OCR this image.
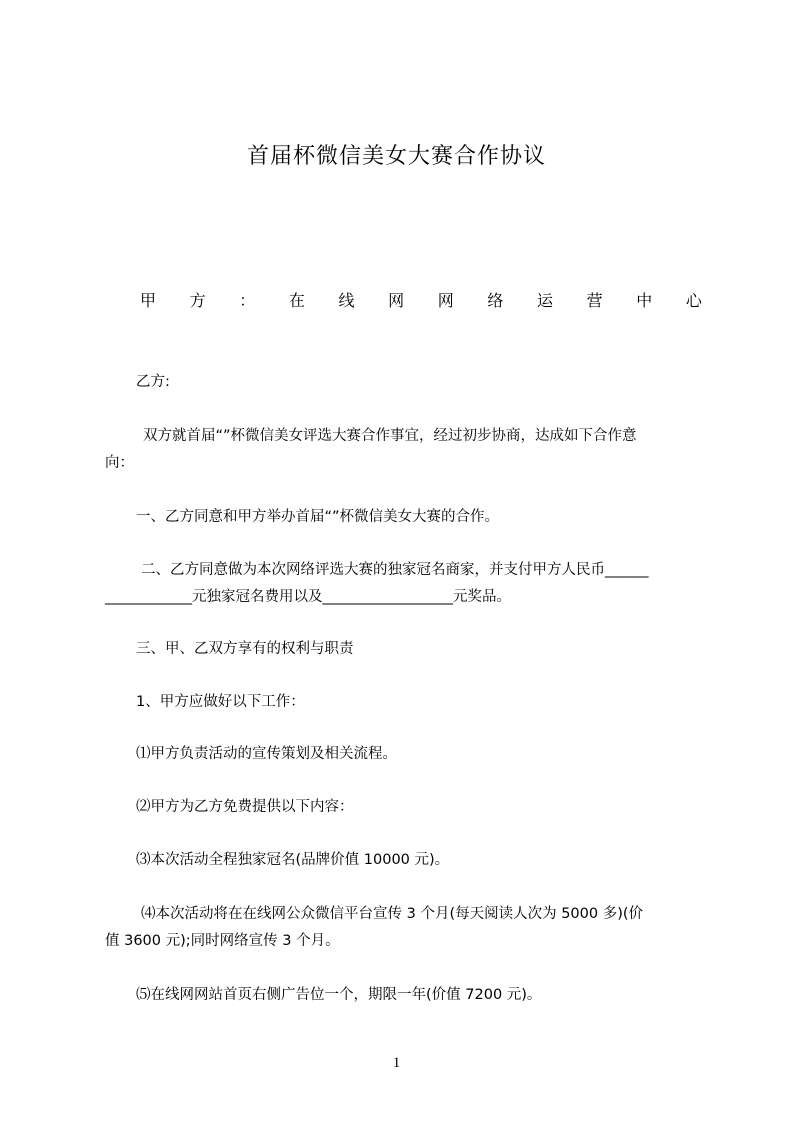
首届杯微信美女大赛合作协议
甲 方 ： 在 线 网 网 络 运 营 中 心
乙方:
双方就首届“”杯微信美女评选大赛合作事宜，经过初步协商，达成如下合作意
一、乙方同意和甲方举办首届“”杯微信美女大赛的合作。
二、乙方同意做为本次网络评选大赛的独家冠名商家，并支付甲方人民币______
____________元独家冠名费用以及__________________元奖品。
三、甲、乙双方享有的权利与职责
1、甲方应做好以下工作：
⑴甲方负责活动的宣传策划及相关流程。
⑵甲方为乙方免费提供以下内容：
⑶本次活动全程独家冠名(品牌价值 10000 元)。
⑷本次活动将在在线网公众微信平台宣传 3 个月(每天阅读人次为 5000 多)(价
值 3600 元);同时网络宣传 3 个月。
⑸在线网网站首页右侧广告位一个，期限一年(价值 7200 元)。
1
向：
